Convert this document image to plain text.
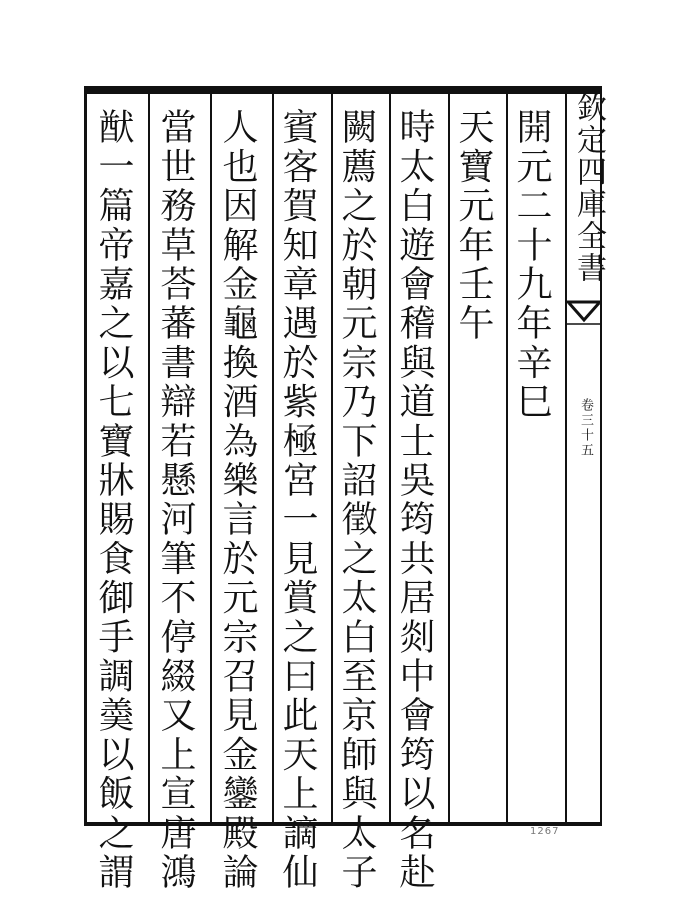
欽定四庫全書
卷三十五
開元二十九年辛巳
天寶元年壬午
時太白遊會稽與道士吳筠共居剡中會筠以名赴
闕薦之於朝元宗乃下詔徵之太白至京師與太子
賓客賀知章遇於紫極宮一見賞之曰此天上謫仙
人也因解金龜換酒為樂言於元宗召見金鑾殿論
當世務草荅蕃書辯若懸河筆不停綴又上宣唐鴻
猷一篇帝嘉之以七寶牀賜食御手調羮以飯之謂	1267
